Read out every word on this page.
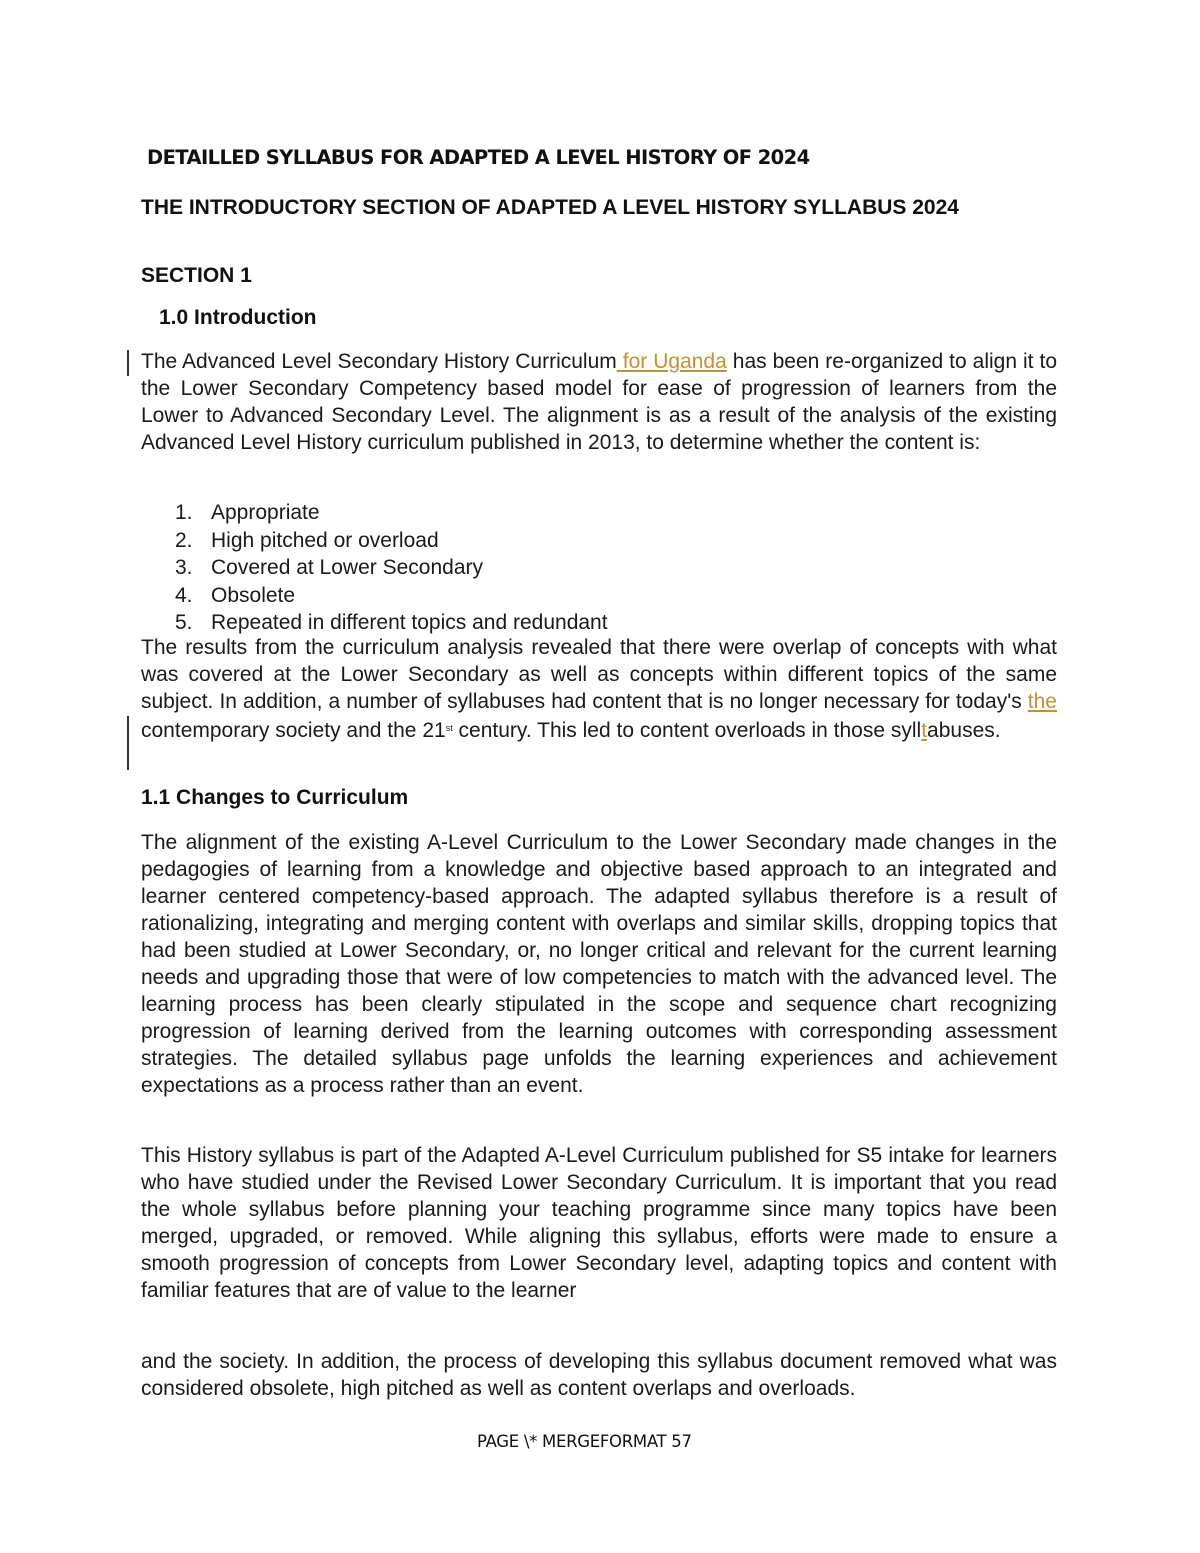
DETAILLED SYLLABUS FOR ADAPTED A LEVEL HISTORY OF 2024
THE INTRODUCTORY SECTION OF ADAPTED A LEVEL HISTORY SYLLABUS 2024
SECTION 1
1.0 Introduction
The Advanced Level Secondary History Curriculum for Uganda has been re-organized to align it to the Lower Secondary Competency based model for ease of progression of learners from the Lower to Advanced Secondary Level. The alignment is as a result of the analysis of the existing Advanced Level History curriculum published in 2013, to determine whether the content is:
1. Appropriate
2. High pitched or overload
3. Covered at Lower Secondary
4. Obsolete
5. Repeated in different topics and redundant
The results from the curriculum analysis revealed that there were overlap of concepts with what was covered at the Lower Secondary as well as concepts within different topics of the same subject. In addition, a number of syllabuses had content that is no longer necessary for today's the contemporary society and the 21st century. This led to content overloads in those sylltabuses.
1.1 Changes to Curriculum
The alignment of the existing A-Level Curriculum to the Lower Secondary made changes in the pedagogies of learning from a knowledge and objective based approach to an integrated and learner centered competency-based approach. The adapted syllabus therefore is a result of rationalizing, integrating and merging content with overlaps and similar skills, dropping topics that had been studied at Lower Secondary, or, no longer critical and relevant for the current learning needs and upgrading those that were of low competencies to match with the advanced level. The learning process has been clearly stipulated in the scope and sequence chart recognizing progression of learning derived from the learning outcomes with corresponding assessment strategies. The detailed syllabus page unfolds the learning experiences and achievement expectations as a process rather than an event.
This History syllabus is part of the Adapted A-Level Curriculum published for S5 intake for learners who have studied under the Revised Lower Secondary Curriculum. It is important that you read the whole syllabus before planning your teaching programme since many topics have been merged, upgraded, or removed. While aligning this syllabus, efforts were made to ensure a smooth progression of concepts from Lower Secondary level, adapting topics and content with familiar features that are of value to the learner
and the society. In addition, the process of developing this syllabus document removed what was considered obsolete, high pitched as well as content overlaps and overloads.
PAGE \* MERGEFORMAT 57
